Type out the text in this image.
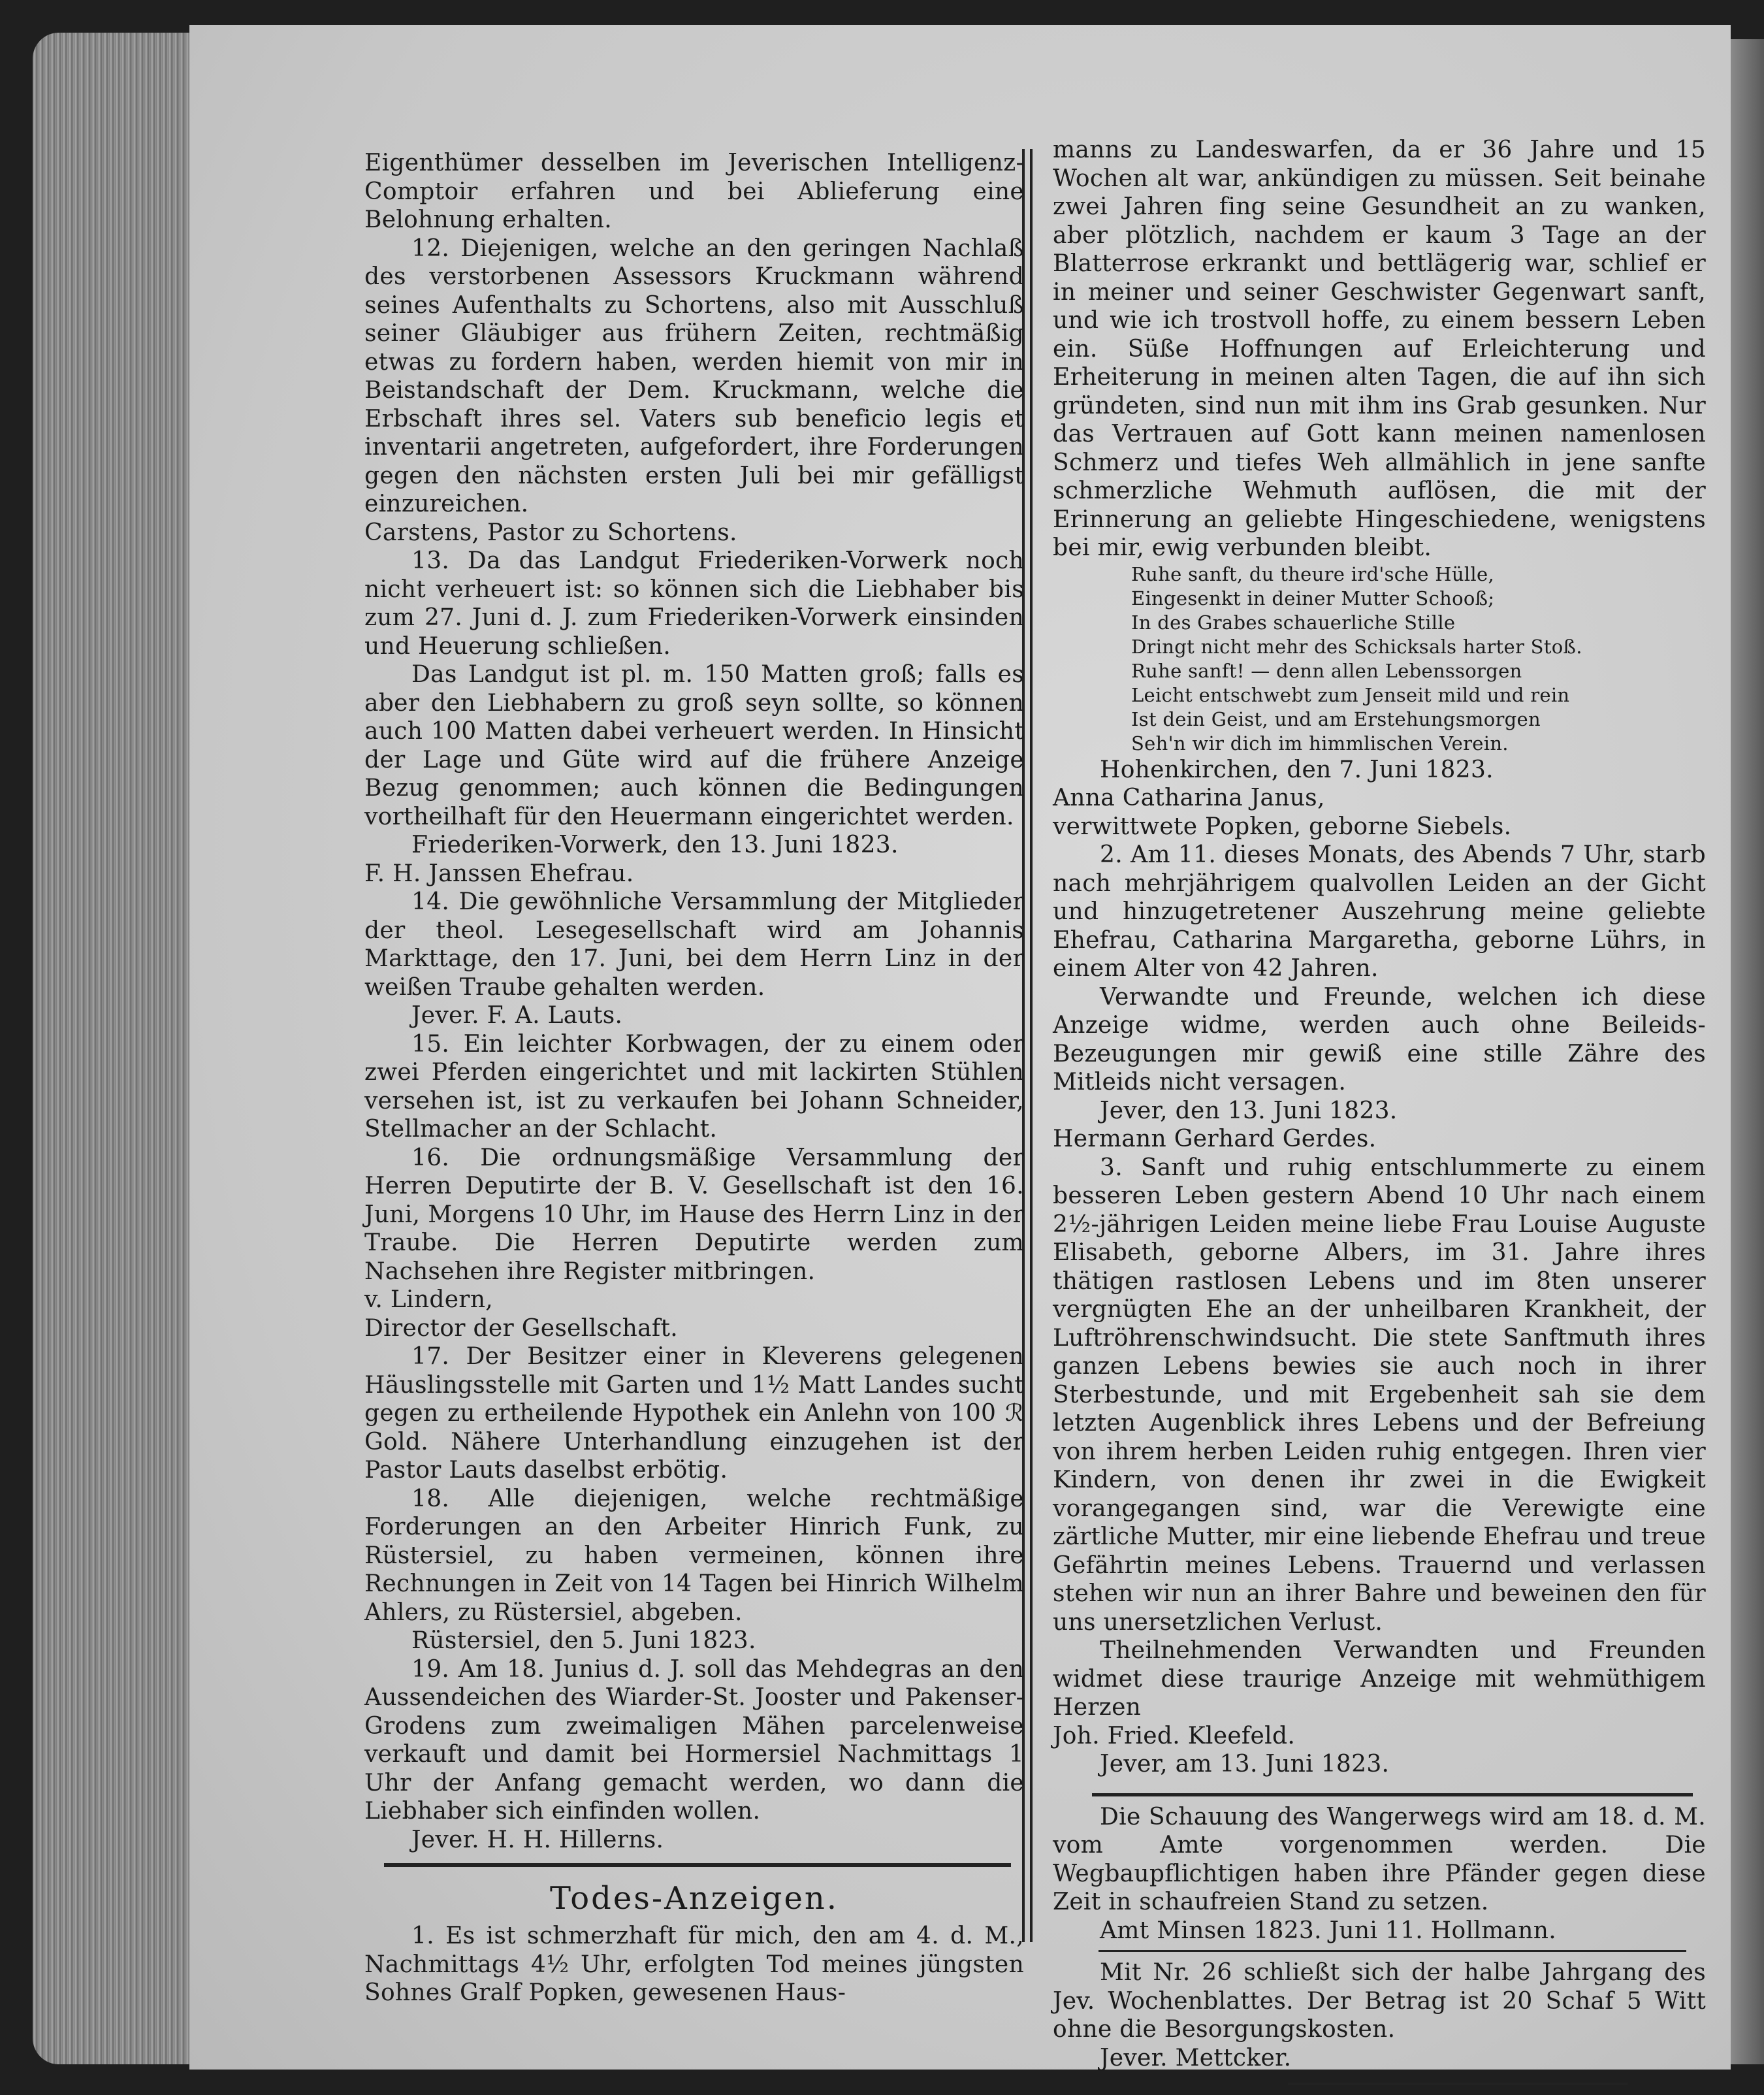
Eigenthümer desselben im Jeverischen Intelligenz-Comptoir erfahren und bei Ablieferung eine Belohnung erhalten.

12. Diejenigen, welche an den geringen Nachlaß des verstorbenen Assessors Kruckmann während seines Aufenthalts zu Schortens, also mit Ausschluß seiner Gläubiger aus frühern Zeiten, rechtmäßig etwas zu fordern haben, werden hiemit von mir in Beistandschaft der Dem. Kruckmann, welche die Erbschaft ihres sel. Vaters sub beneficio legis et inventarii angetreten, aufgefordert, ihre Forderungen gegen den nächsten ersten Juli bei mir gefälligst einzureichen.

Carstens, Pastor zu Schortens.

13. Da das Landgut Friederiken-Vorwerk noch nicht verheuert ist: so können sich die Liebhaber bis zum 27. Juni d. J. zum Friederiken-Vorwerk einsinden und Heuerung schließen.

Das Landgut ist pl. m. 150 Matten groß; falls es aber den Liebhabern zu groß seyn sollte, so können auch 100 Matten dabei verheuert werden. In Hinsicht der Lage und Güte wird auf die frühere Anzeige Bezug genommen; auch können die Bedingungen vortheilhaft für den Heuermann eingerichtet werden.

Friederiken-Vorwerk, den 13. Juni 1823.

F. H. Janssen Ehefrau.

14. Die gewöhnliche Versammlung der Mitglieder der theol. Lesegesellschaft wird am Johannis Markttage, den 17. Juni, bei dem Herrn Linz in der weißen Traube gehalten werden.

Jever. F. A. Lauts.

15. Ein leichter Korbwagen, der zu einem oder zwei Pferden eingerichtet und mit lackirten Stühlen versehen ist, ist zu verkaufen bei Johann Schneider, Stellmacher an der Schlacht.

16. Die ordnungsmäßige Versammlung der Herren Deputirte der B. V. Gesellschaft ist den 16. Juni, Morgens 10 Uhr, im Hause des Herrn Linz in der Traube. Die Herren Deputirte werden zum Nachsehen ihre Register mitbringen.

v. Lindern,

Director der Gesellschaft.

17. Der Besitzer einer in Kleverens gelegenen Häuslingsstelle mit Garten und 1½ Matt Landes sucht gegen zu ertheilende Hypothek ein Anlehn von 100 ℛ Gold. Nähere Unterhandlung einzugehen ist der Pastor Lauts daselbst erbötig.

18. Alle diejenigen, welche rechtmäßige Forderungen an den Arbeiter Hinrich Funk, zu Rüstersiel, zu haben vermeinen, können ihre Rechnungen in Zeit von 14 Tagen bei Hinrich Wilhelm Ahlers, zu Rüstersiel, abgeben.

Rüstersiel, den 5. Juni 1823.

19. Am 18. Junius d. J. soll das Mehdegras an den Aussendeichen des Wiarder-St. Jooster und Pakenser-Grodens zum zweimaligen Mähen parcelenweise verkauft und damit bei Hormersiel Nachmittags 1 Uhr der Anfang gemacht werden, wo dann die Liebhaber sich einfinden wollen.

Jever. H. H. Hillerns.

Todes-Anzeigen.

1. Es ist schmerzhaft für mich, den am 4. d. M., Nachmittags 4½ Uhr, erfolgten Tod meines jüngsten Sohnes Gralf Popken, gewesenen Haus-

manns zu Landeswarfen, da er 36 Jahre und 15 Wochen alt war, ankündigen zu müssen. Seit beinahe zwei Jahren fing seine Gesundheit an zu wanken, aber plötzlich, nachdem er kaum 3 Tage an der Blatterrose erkrankt und bettlägerig war, schlief er in meiner und seiner Geschwister Gegenwart sanft, und wie ich trostvoll hoffe, zu einem bessern Leben ein. Süße Hoffnungen auf Erleichterung und Erheiterung in meinen alten Tagen, die auf ihn sich gründeten, sind nun mit ihm ins Grab gesunken. Nur das Vertrauen auf Gott kann meinen namenlosen Schmerz und tiefes Weh allmählich in jene sanfte schmerzliche Wehmuth auflösen, die mit der Erinnerung an geliebte Hingeschiedene, wenigstens bei mir, ewig verbunden bleibt.

Ruhe sanft, du theure ird'sche Hülle,
Eingesenkt in deiner Mutter Schooß;
In des Grabes schauerliche Stille
Dringt nicht mehr des Schicksals harter Stoß.
Ruhe sanft! — denn allen Lebenssorgen
Leicht entschwebt zum Jenseit mild und rein
Ist dein Geist, und am Erstehungsmorgen
Seh'n wir dich im himmlischen Verein.

Hohenkirchen, den 7. Juni 1823.

Anna Catharina Janus,

verwittwete Popken, geborne Siebels.

2. Am 11. dieses Monats, des Abends 7 Uhr, starb nach mehrjährigem qualvollen Leiden an der Gicht und hinzugetretener Auszehrung meine geliebte Ehefrau, Catharina Margaretha, geborne Lührs, in einem Alter von 42 Jahren.

Verwandte und Freunde, welchen ich diese Anzeige widme, werden auch ohne Beileids-Bezeugungen mir gewiß eine stille Zähre des Mitleids nicht versagen.

Jever, den 13. Juni 1823.

Hermann Gerhard Gerdes.

3. Sanft und ruhig entschlummerte zu einem besseren Leben gestern Abend 10 Uhr nach einem 2½-jährigen Leiden meine liebe Frau Louise Auguste Elisabeth, geborne Albers, im 31. Jahre ihres thätigen rastlosen Lebens und im 8ten unserer vergnügten Ehe an der unheilbaren Krankheit, der Luftröhrenschwindsucht. Die stete Sanftmuth ihres ganzen Lebens bewies sie auch noch in ihrer Sterbestunde, und mit Ergebenheit sah sie dem letzten Augenblick ihres Lebens und der Befreiung von ihrem herben Leiden ruhig entgegen. Ihren vier Kindern, von denen ihr zwei in die Ewigkeit vorangegangen sind, war die Verewigte eine zärtliche Mutter, mir eine liebende Ehefrau und treue Gefährtin meines Lebens. Trauernd und verlassen stehen wir nun an ihrer Bahre und beweinen den für uns unersetzlichen Verlust.

Theilnehmenden Verwandten und Freunden widmet diese traurige Anzeige mit wehmüthigem Herzen

Joh. Fried. Kleefeld.

Jever, am 13. Juni 1823.

Die Schauung des Wangerwegs wird am 18. d. M. vom Amte vorgenommen werden. Die Wegbaupflichtigen haben ihre Pfänder gegen diese Zeit in schaufreien Stand zu setzen.

Amt Minsen 1823. Juni 11. Hollmann.

Mit Nr. 26 schließt sich der halbe Jahrgang des Jev. Wochenblattes. Der Betrag ist 20 Schaf 5 Witt ohne die Besorgungskosten.

Jever. Mettcker.
